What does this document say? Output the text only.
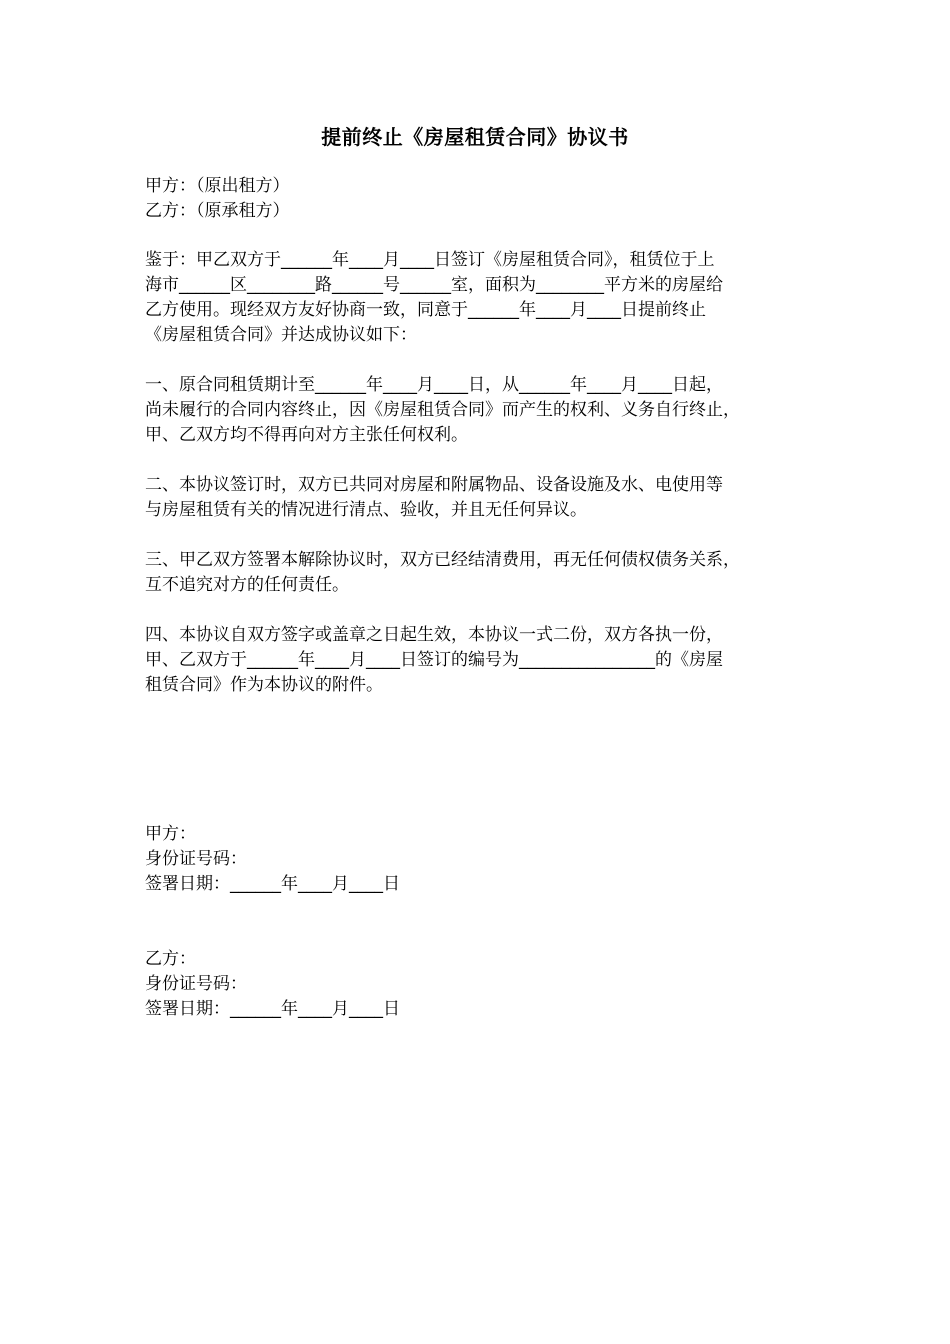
提前终止《房屋租赁合同》协议书
甲方：（原出租方）
乙方：（原承租方）
鉴于：甲乙双方于______年____月____日签订《房屋租赁合同》，租赁位于上
海市______区________路______号______室，面积为________平方米的房屋给
乙方使用。现经双方友好协商一致，同意于______年____月____日提前终止
《房屋租赁合同》并达成协议如下：
一、原合同租赁期计至______年____月____日，从______年____月____日起，
尚未履行的合同内容终止，因《房屋租赁合同》而产生的权利、义务自行终止，
甲、乙双方均不得再向对方主张任何权利。
二、本协议签订时，双方已共同对房屋和附属物品、设备设施及水、电使用等
与房屋租赁有关的情况进行清点、验收，并且无任何异议。
三、甲乙双方签署本解除协议时，双方已经结清费用，再无任何债权债务关系，
互不追究对方的任何责任。
四、本协议自双方签字或盖章之日起生效，本协议一式二份，双方各执一份，
甲、乙双方于______年____月____日签订的编号为________________的《房屋
租赁合同》作为本协议的附件。
甲方：
身份证号码：
签署日期：______年____月____日
乙方：
身份证号码：
签署日期：______年____月____日
